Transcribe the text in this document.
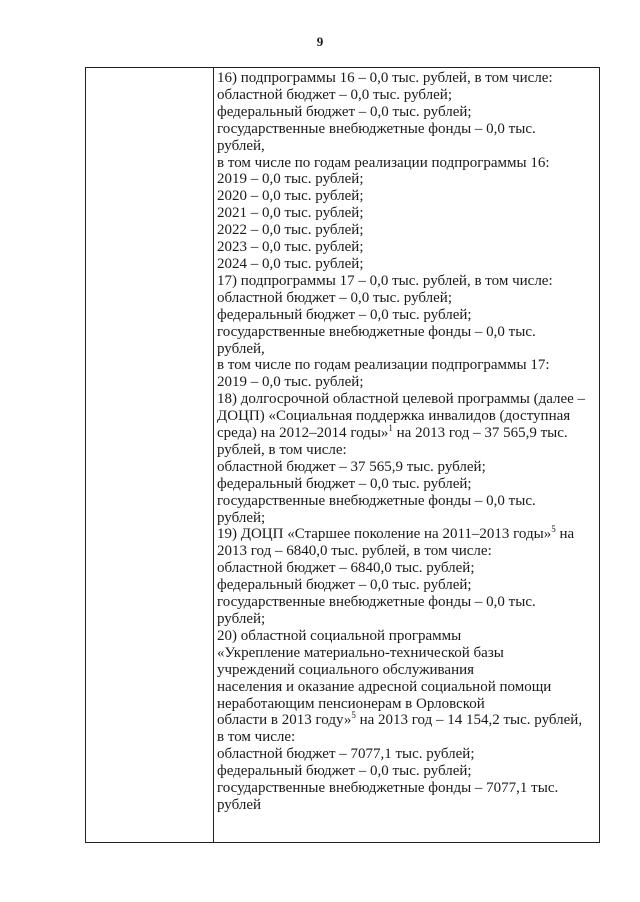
9
16) подпрограммы 16 – 0,0 тыс. рублей, в том числе:
областной бюджет – 0,0 тыс. рублей;
федеральный бюджет – 0,0 тыс. рублей;
государственные внебюджетные фонды – 0,0 тыс.
рублей,
в том числе по годам реализации подпрограммы 16:
2019 – 0,0 тыс. рублей;
2020 – 0,0 тыс. рублей;
2021 – 0,0 тыс. рублей;
2022 – 0,0 тыс. рублей;
2023 – 0,0 тыс. рублей;
2024 – 0,0 тыс. рублей;
17) подпрограммы 17 – 0,0 тыс. рублей, в том числе:
областной бюджет – 0,0 тыс. рублей;
федеральный бюджет – 0,0 тыс. рублей;
государственные внебюджетные фонды – 0,0 тыс.
рублей,
в том числе по годам реализации подпрограммы 17:
2019 – 0,0 тыс. рублей;
18) долгосрочной областной целевой программы (далее –
ДОЦП) «Социальная поддержка инвалидов (доступная
среда) на 2012–2014 годы»$^1$ на 2013 год – 37 565,9 тыс.
рублей, в том числе:
областной бюджет – 37 565,9 тыс. рублей;
федеральный бюджет – 0,0 тыс. рублей;
государственные внебюджетные фонды – 0,0 тыс.
рублей;
19) ДОЦП «Старшее поколение на 2011–2013 годы»$^5$ на
2013 год – 6840,0 тыс. рублей, в том числе:
областной бюджет – 6840,0 тыс. рублей;
федеральный бюджет – 0,0 тыс. рублей;
государственные внебюджетные фонды – 0,0 тыс.
рублей;
20) областной социальной программы
«Укрепление материально-технической базы
учреждений социального обслуживания
населения и оказание адресной социальной помощи
неработающим пенсионерам в Орловской
области в 2013 году»$^5$ на 2013 год – 14 154,2 тыс. рублей,
в том числе:
областной бюджет – 7077,1 тыс. рублей;
федеральный бюджет – 0,0 тыс. рублей;
государственные внебюджетные фонды – 7077,1 тыс.
рублей
